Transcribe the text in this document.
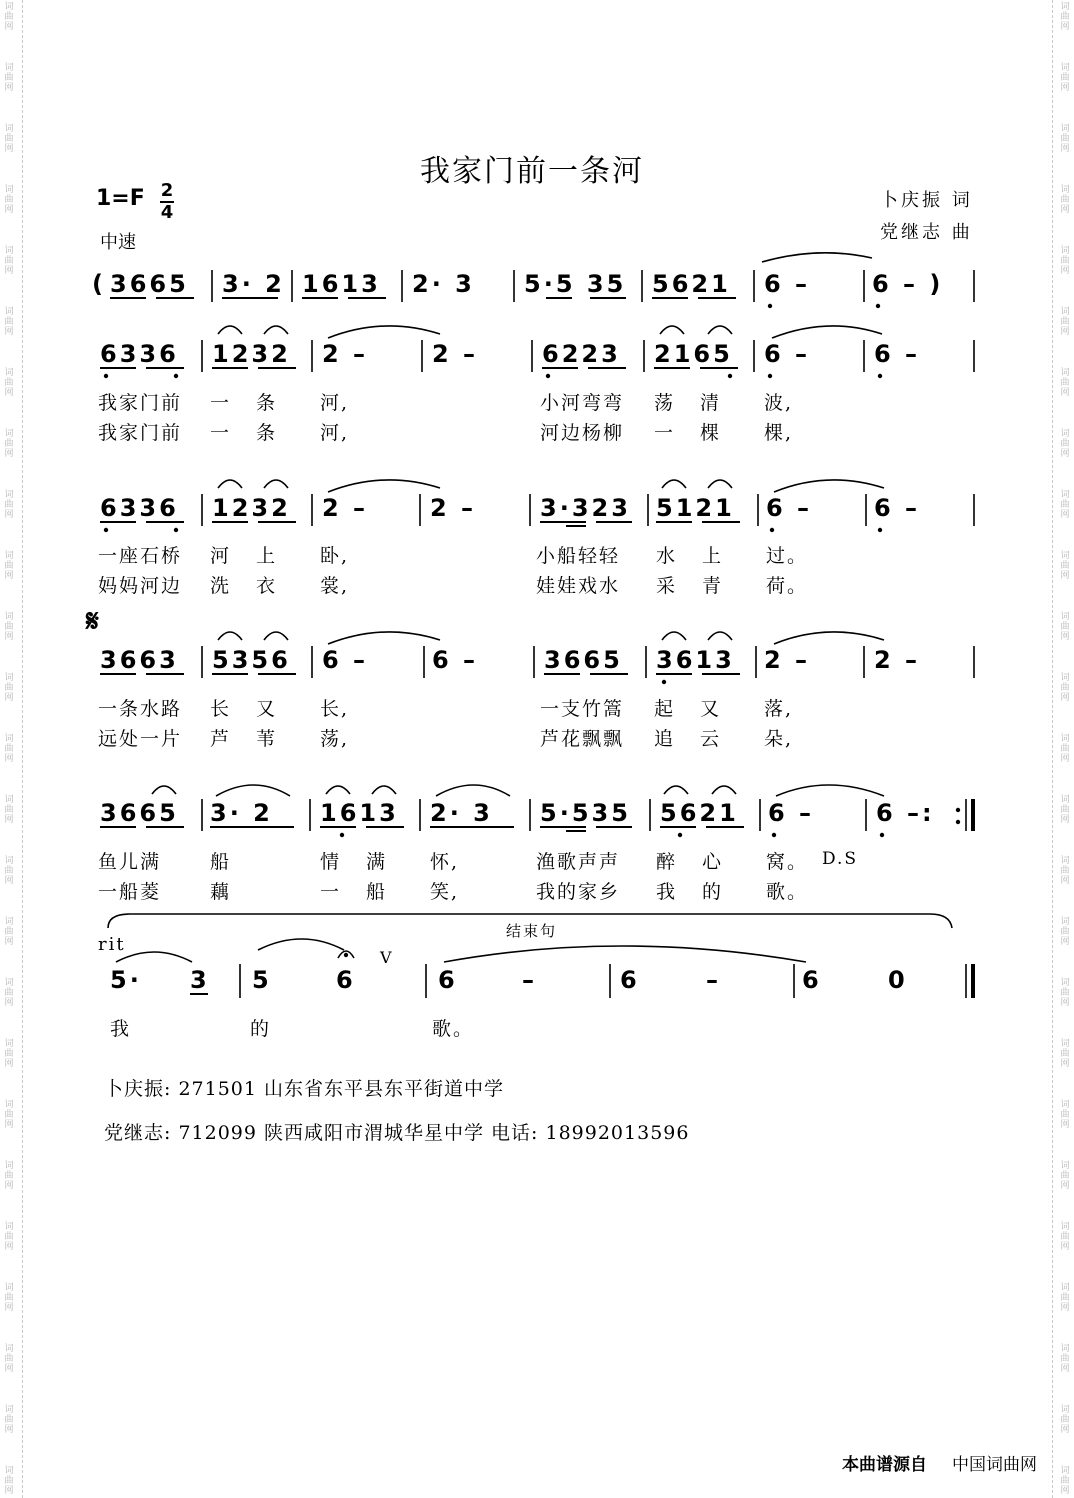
词曲网
词曲网
词曲网
词曲网
词曲网
词曲网
词曲网
词曲网
词曲网
词曲网
词曲网
词曲网
词曲网
词曲网
词曲网
词曲网
词曲网
词曲网
词曲网
词曲网
词曲网
词曲网
词曲网
词曲网
词曲网
词曲网
词曲网
词曲网
词曲网
词曲网
词曲网
词曲网
词曲网
词曲网
词曲网
词曲网
词曲网
词曲网
词曲网
词曲网
词曲网
词曲网
词曲网
词曲网
词曲网
词曲网
词曲网
词曲网
词曲网
词曲网
我家门前一条河
1=F 2
4
中速
卜庆振 词
党继志 曲
𝄋
( 3665 3· 2 1613 2· 3 5·5 35 5621 6 –	6 – )
6336 1232 2 –	2 –	6223 2165 6 –	6 –
我家门前 一 条 河,	小河弯弯 荡 清 波,
我家门前 一 条 河,	河边杨柳 一 棵 棵,
6336 1232 2 –	2 –	3·323 5121 6 –	6 –
一座石桥 河 上 卧,	小船轻轻 水 上 过。
妈妈河边 洗 衣 裳,	娃娃戏水 采 青 荷。
3663 5356 6 –	6 –	3665 3613 2 –	2 –
一条水路 长 又 长,	一支竹篙 起 又 落,
远处一片 芦 苇 荡,	芦花飘飘 追 云 朵,
3665 3· 2 1613 2· 3 5·535 5621 6 –	6 –:
鱼儿满	船	情 满 怀,	渔歌声声 醉 心 窝。 D.S
一船菱	藕	一 船 笑,	我的家乡 我 的 歌。
结束句
rit
V
5· 3 5	6	6	–	6	–	6	0
我	的	歌。
卜庆振: 271501 山东省东平县东平街道中学
党继志: 712099 陕西咸阳市渭城华星中学 电话: 18992013596
本曲谱源自 中国词曲网
